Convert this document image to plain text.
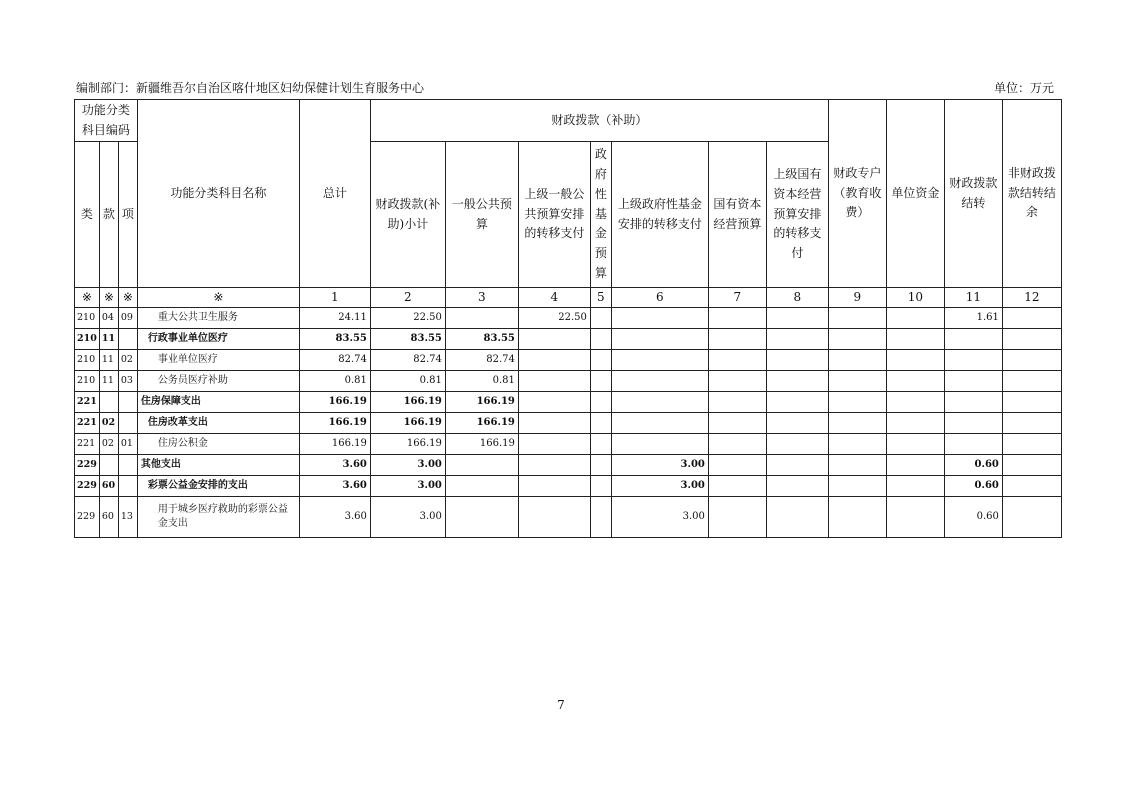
编制部门：新疆维吾尔自治区喀什地区妇幼保健计划生育服务中心	单位：万元
功能分类科目编码			功能分类科目名称	总计	财政拨款（补助）							财政专户（教育收费）	单位资金	财政拨款结转	非财政拨款结转结余
类	款	项			财政拨款(补助)小计	一般公共预算	上级一般公共预算安排的转移支付	政府性基金预算	上级政府性基金安排的转移支付	国有资本经营预算	上级国有资本经营预算安排的转移支付				
※	※	※	※	1	2	3	4	5	6	7	8	9	10	11	12
210	04	09	重大公共卫生服务	24.11	22.50		22.50							1.61	
210	11		行政事业单位医疗	83.55	83.55	83.55									
210	11	02	事业单位医疗	82.74	82.74	82.74									
210	11	03	公务员医疗补助	0.81	0.81	0.81									
221			住房保障支出	166.19	166.19	166.19									
221	02		住房改革支出	166.19	166.19	166.19									
221	02	01	住房公积金	166.19	166.19	166.19									
229			其他支出	3.60	3.00				3.00					0.60	
229	60		彩票公益金安排的支出	3.60	3.00				3.00					0.60	
229	60	13	用于城乡医疗救助的彩票公益金支出	3.60	3.00				3.00					0.60	
7
